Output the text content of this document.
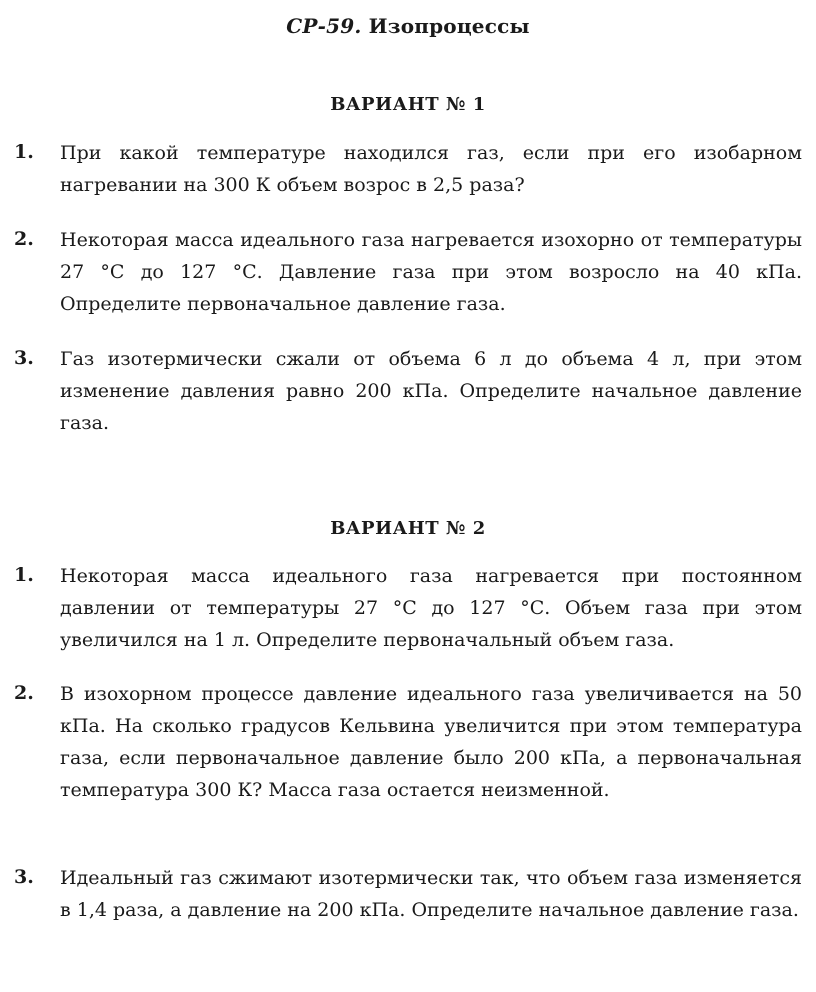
СР-59. Изопроцессы
ВАРИАНТ № 1
1. При какой температуре находился газ, если при его изобарном нагревании на 300 К объем возрос в 2,5 раза?

2. Некоторая масса идеального газа нагревается изохорно от температуры 27 °С до 127 °С. Давление газа при этом возросло на 40 кПа. Определите первоначальное давление газа.

3. Газ изотермически сжали от объема 6 л до объема 4 л, при этом изменение давления равно 200 кПа. Определите начальное давление газа.

ВАРИАНТ № 2
1. Некоторая масса идеального газа нагревается при постоянном давлении от температуры 27 °С до 127 °С. Объем газа при этом увеличился на 1 л. Определите первоначальный объем газа.

2. В изохорном процессе давление идеального газа увеличивается на 50 кПа. На сколько градусов Кельвина увеличится при этом температура газа, если первоначальное давление было 200 кПа, а первоначальная температура 300 К? Масса газа остается неизменной.

3. Идеальный газ сжимают изотермически так, что объем газа изменяется в 1,4 раза, а давление на 200 кПа. Определите начальное давление газа.
